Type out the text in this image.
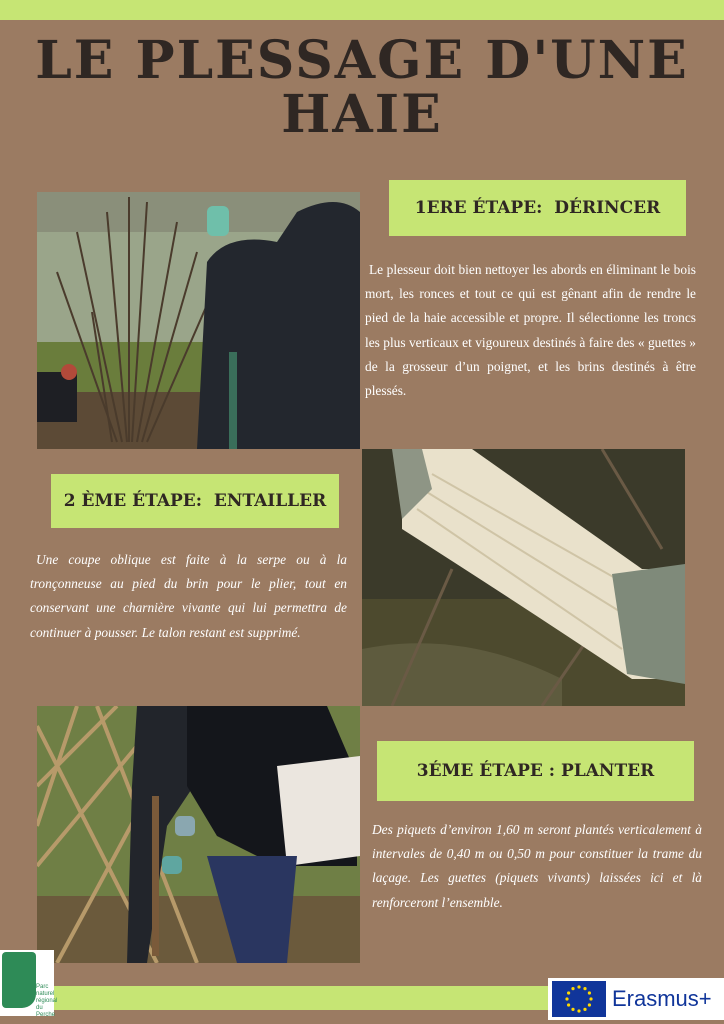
LE PLESSAGE D'UNE
HAIE
1ERE ÉTAPE:  DÉRINCER

Le plesseur doit bien nettoyer les abords en éliminant le bois mort, les ronces et tout ce qui est gênant afin de rendre le pied de la haie accessible et propre. Il sélectionne les troncs les plus verticaux et vigoureux destinés à faire des « guettes » de la grosseur d’un poignet, et les brins destinés à être plessés.

2 ÈME ÉTAPE:  ENTAILLER

Une coupe oblique est faite à la serpe ou à la tronçonneuse au pied du brin pour le plier, tout en conservant une charnière vivante qui lui permettra de continuer à pousser. Le talon restant est supprimé.

3ÉME ÉTAPE : PLANTER

Des piquets d’environ 1,60 m seront plantés verticalement à intervales de 0,40 m ou 0,50 m pour constituer la trame du laçage. Les guettes (piquets vivants) laissées ici et là renforceront l’ensemble.

Parc
naturel
régional
du Perche
Erasmus+
